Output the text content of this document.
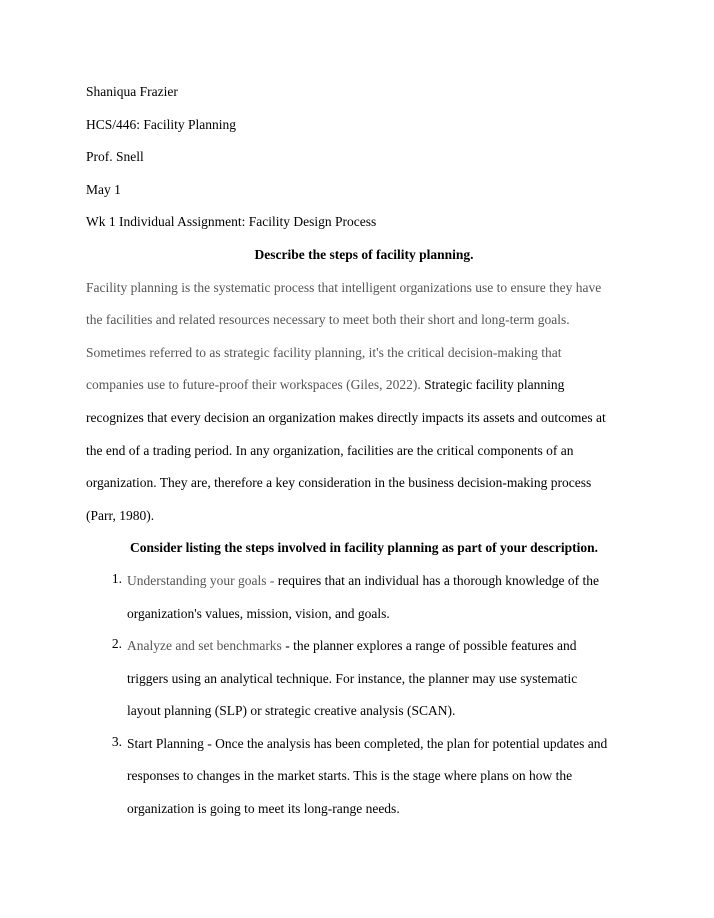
Shaniqua Frazier
HCS/446: Facility Planning
Prof. Snell
May 1
Wk 1 Individual Assignment: Facility Design Process
Describe the steps of facility planning.
Facility planning is the systematic process that intelligent organizations use to ensure they have
the facilities and related resources necessary to meet both their short and long-term goals.
Sometimes referred to as strategic facility planning, it's the critical decision-making that
companies use to future-proof their workspaces (Giles, 2022). Strategic facility planning
recognizes that every decision an organization makes directly impacts its assets and outcomes at
the end of a trading period. In any organization, facilities are the critical components of an
organization. They are, therefore a key consideration in the business decision-making process
(Parr, 1980).
Consider listing the steps involved in facility planning as part of your description.
1. Understanding your goals - requires that an individual has a thorough knowledge of the
organization's values, mission, vision, and goals.
2. Analyze and set benchmarks - the planner explores a range of possible features and
triggers using an analytical technique. For instance, the planner may use systematic
layout planning (SLP) or strategic creative analysis (SCAN).
3. Start Planning - Once the analysis has been completed, the plan for potential updates and
responses to changes in the market starts. This is the stage where plans on how the
organization is going to meet its long-range needs.
